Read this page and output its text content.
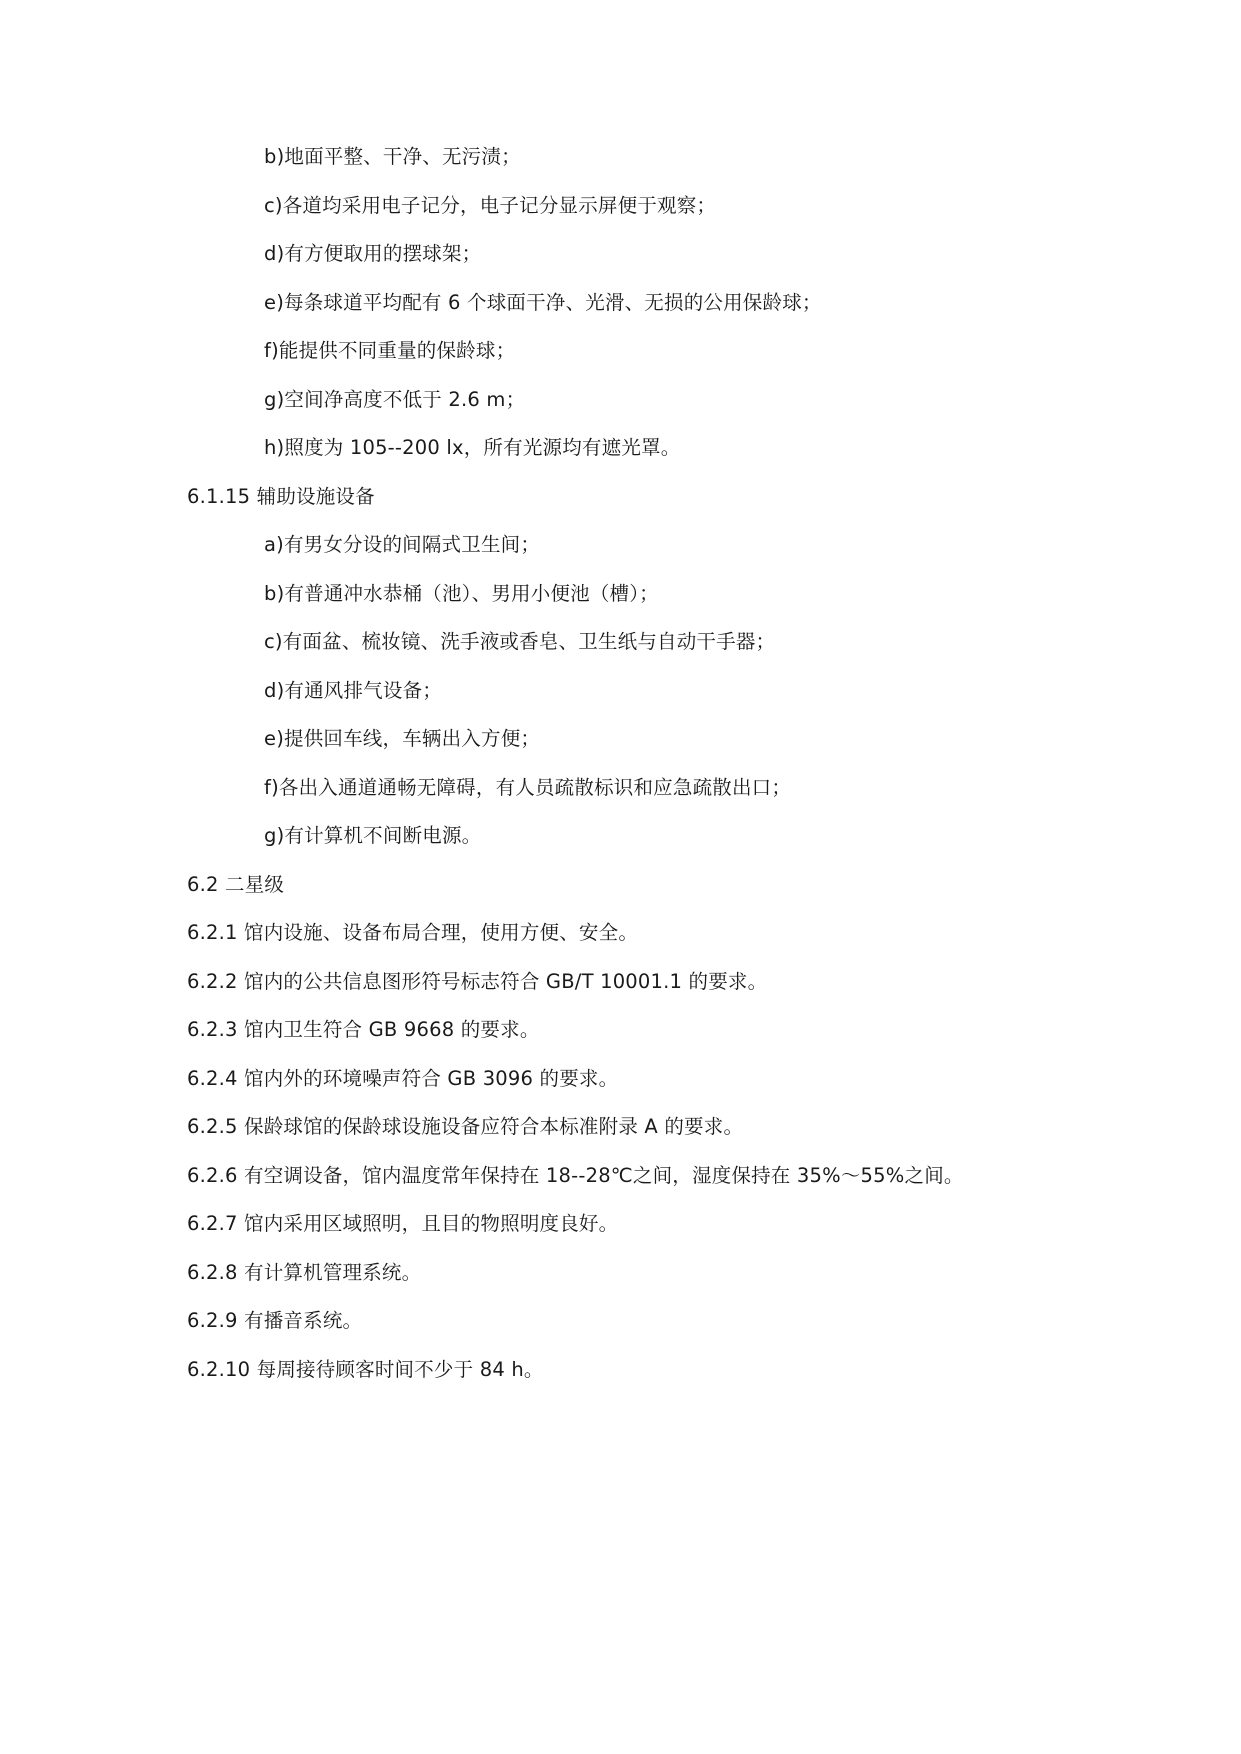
b)地面平整、干净、无污渍；
c)各道均采用电子记分，电子记分显示屏便于观察；
d)有方便取用的摆球架；
e)每条球道平均配有 6 个球面干净、光滑、无损的公用保龄球；
f)能提供不同重量的保龄球；
g)空间净高度不低于 2.6 m；
h)照度为 105--200 lx，所有光源均有遮光罩。
6.1.15 辅助设施设备
a)有男女分设的间隔式卫生间；
b)有普通冲水恭桶（池）、男用小便池（槽）；
c)有面盆、梳妆镜、洗手液或香皂、卫生纸与自动干手器；
d)有通风排气设备；
e)提供回车线，车辆出入方便；
f)各出入通道通畅无障碍，有人员疏散标识和应急疏散出口；
g)有计算机不间断电源。
6.2 二星级
6.2.1 馆内设施、设备布局合理，使用方便、安全。
6.2.2 馆内的公共信息图形符号标志符合 GB/T 10001.1 的要求。
6.2.3 馆内卫生符合 GB 9668 的要求。
6.2.4 馆内外的环境噪声符合 GB 3096 的要求。
6.2.5 保龄球馆的保龄球设施设备应符合本标准附录 A 的要求。
6.2.6 有空调设备，馆内温度常年保持在 18--28℃之间，湿度保持在 35%～55%之间。
6.2.7 馆内采用区域照明，且目的物照明度良好。
6.2.8 有计算机管理系统。
6.2.9 有播音系统。
6.2.10 每周接待顾客时间不少于 84 h。
